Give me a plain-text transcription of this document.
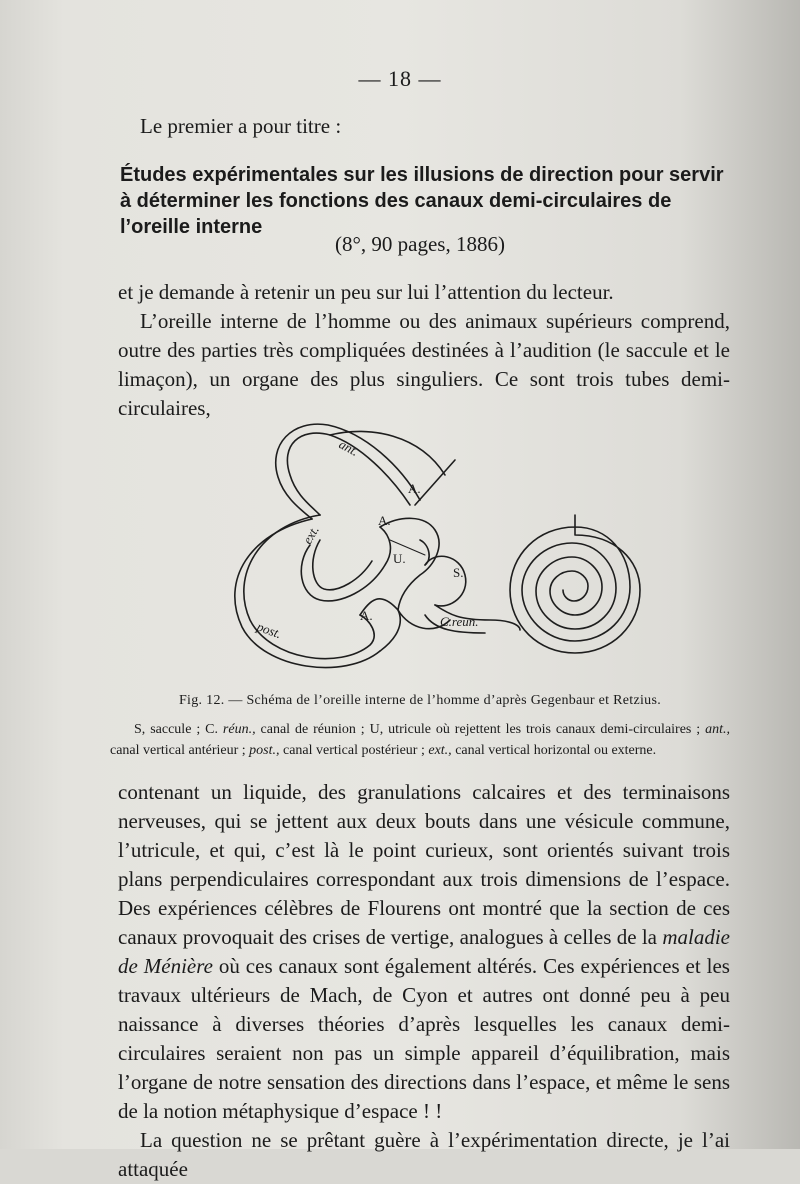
— 18 —
Le premier a pour titre :
Études expérimentales sur les illusions de direction pour servir
à déterminer les fonctions des canaux demi-circulaires de
l’oreille interne
(8°, 90 pages, 1886)

et je demande à retenir un peu sur lui l’attention du lecteur.

L’oreille interne de l’homme ou des animaux supérieurs comprend, outre des parties très compliquées destinées à l’audition (le saccule et le limaçon), un organe des plus singuliers. Ce sont trois tubes demi-circulaires,

ant.
ext.
post.
A.
A.
A.
U.
S.
C.reun.
Fig. 12. — Schéma de l’oreille interne de l’homme d’après Gegenbaur et Retzius.
S, saccule ; C. réun., canal de réunion ; U, utricule où rejettent les trois canaux demi-circulaires ; ant., canal vertical antérieur ; post., canal vertical postérieur ; ext., canal vertical horizontal ou externe.

contenant un liquide, des granulations calcaires et des terminaisons nerveuses, qui se jettent aux deux bouts dans une vésicule commune, l’utricule, et qui, c’est là le point curieux, sont orientés suivant trois plans perpendiculaires correspondant aux trois dimensions de l’espace. Des expériences célèbres de Flourens ont montré que la section de ces canaux provoquait des crises de vertige, analogues à celles de la maladie de Ménière où ces canaux sont également altérés. Ces expériences et les travaux ultérieurs de Mach, de Cyon et autres ont donné peu à peu naissance à diverses théories d’après lesquelles les canaux demi-circulaires seraient non pas un simple appareil d’équilibration, mais l’organe de notre sensation des directions dans l’espace, et même le sens de la notion métaphysique d’espace ! !

La question ne se prêtant guère à l’expérimentation directe, je l’ai attaquée
